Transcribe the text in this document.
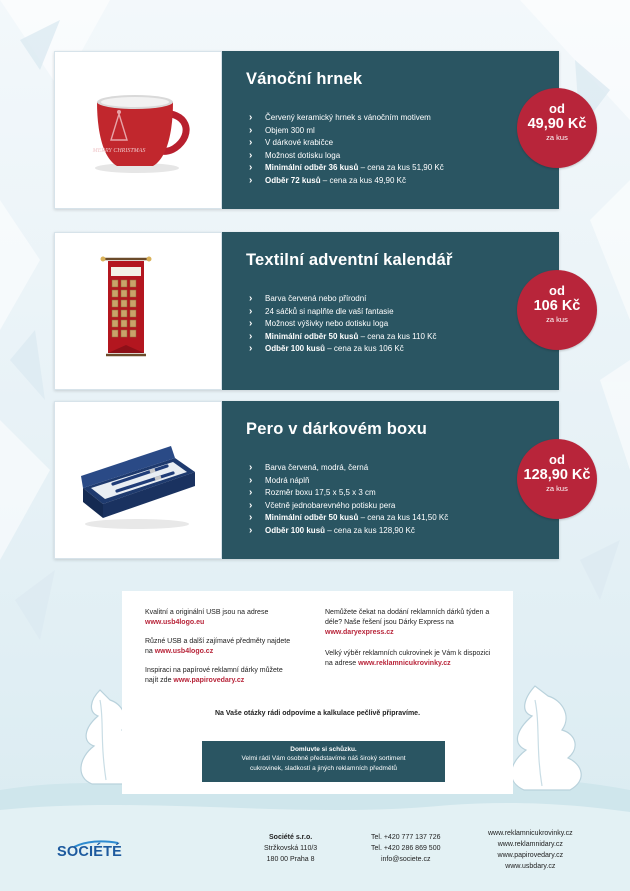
MERRY CHRISTMAS
Vánoční hrnek
› Červený keramický hrnek s vánočním motivem
› Objem 300 ml
› V dárkové krabičce
› Možnost dotisku loga
› Minimální odběr 36 kusů – cena za kus 51,90 Kč
› Odběr 72 kusů – cena za kus 49,90 Kč
od
49,90 Kč
za kus
Textilní adventní kalendář
› Barva červená nebo přírodní
› 24 sáčků si naplňte dle vaší fantasie
› Možnost výšivky nebo dotisku loga
› Minimální odběr 50 kusů – cena za kus 110 Kč
› Odběr 100 kusů – cena za kus 106 Kč
od
106 Kč
za kus
Pero v dárkovém boxu
› Barva červená, modrá, černá
› Modrá náplň
› Rozměr boxu 17,5 x 5,5 x 3 cm
› Včetně jednobarevného potisku pera
› Minimální odběr 50 kusů – cena za kus 141,50 Kč
› Odběr 100 kusů – cena za kus 128,90 Kč
od
128,90 Kč
za kus

Kvalitní a originální USB jsou na adrese www.usb4logo.eu

Různé USB a další zajímavé předměty najdete na www.usb4logo.cz

Inspiraci na papírové reklamní dárky můžete najít zde www.papirovedary.cz

Nemůžete čekat na dodání reklamních dárků týden a déle? Naše řešení jsou Dárky Express na www.daryexpress.cz

Velký výběr reklamních cukrovinek je Vám k dispozici na adrese www.reklamnicukrovinky.cz

Na Vaše otázky rádi odpovíme a kalkulace pečlivě připravíme.
Domluvte si schůzku.
Velmi rádi Vám osobně představíme náš široký sortiment
cukrovinek, sladkostí a jiných reklamních předmětů
SOCIÉTÉ
Société s.r.o.
Stržkovská 110/3
180 00 Praha 8
Tel. +420 777 137 726
Tel. +420 286 869 500
info@societe.cz
www.reklamnicukrovinky.cz
www.reklamnidary.cz
www.papirovedary.cz
www.usbdary.cz
